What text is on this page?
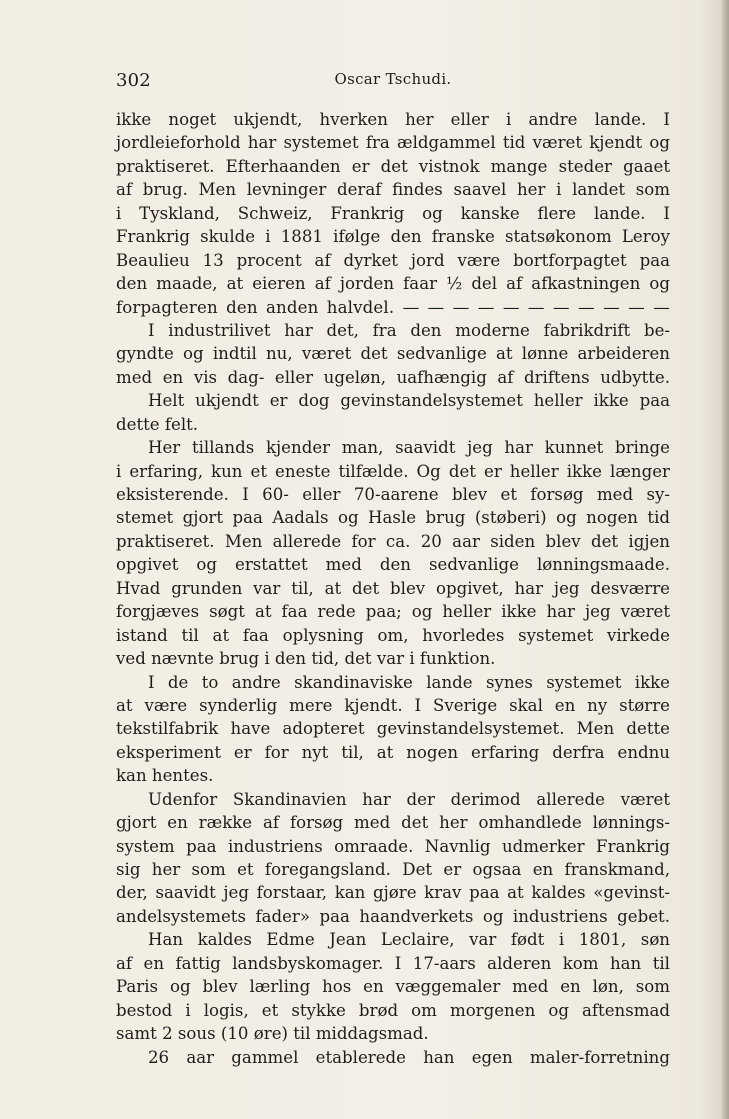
302	Oscar Tschudi.
ikke noget ukjendt, hverken her eller i andre lande. I
jordleieforhold har systemet fra ældgammel tid været kjendt og
praktiseret. Efterhaanden er det vistnok mange steder gaaet
af brug. Men levninger deraf findes saavel her i landet som
i Tyskland, Schweiz, Frankrig og kanske flere lande. I
Frankrig skulde i 1881 ifølge den franske statsøkonom Leroy
Beaulieu 13 procent af dyrket jord være bortforpagtet paa
den maade, at eieren af jorden faar ½ del af afkastningen og
forpagteren den anden halvdel. — — — — — — — — — — —
I industrilivet har det, fra den moderne fabrikdrift be-
gyndte og indtil nu, været det sedvanlige at lønne arbeideren
med en vis dag- eller ugeløn, uafhængig af driftens udbytte.
Helt ukjendt er dog gevinstandelsystemet heller ikke paa
dette felt.
Her tillands kjender man, saavidt jeg har kunnet bringe
i erfaring, kun et eneste tilfælde. Og det er heller ikke længer
eksisterende. I 60- eller 70-aarene blev et forsøg med sy-
stemet gjort paa Aadals og Hasle brug (støberi) og nogen tid
praktiseret. Men allerede for ca. 20 aar siden blev det igjen
opgivet og erstattet med den sedvanlige lønningsmaade.
Hvad grunden var til, at det blev opgivet, har jeg desværre
forgjæves søgt at faa rede paa; og heller ikke har jeg været
istand til at faa oplysning om, hvorledes systemet virkede
ved nævnte brug i den tid, det var i funktion.
I de to andre skandinaviske lande synes systemet ikke
at være synderlig mere kjendt. I Sverige skal en ny større
tekstilfabrik have adopteret gevinstandelsystemet. Men dette
eksperiment er for nyt til, at nogen erfaring derfra endnu
kan hentes.
Udenfor Skandinavien har der derimod allerede været
gjort en række af forsøg med det her omhandlede lønnings-
system paa industriens omraade. Navnlig udmerker Frankrig
sig her som et foregangsland. Det er ogsaa en franskmand,
der, saavidt jeg forstaar, kan gjøre krav paa at kaldes «gevinst-
andelsystemets fader» paa haandverkets og industriens gebet.
Han kaldes Edme Jean Leclaire, var født i 1801, søn
af en fattig landsbyskomager. I 17-aars alderen kom han til
Paris og blev lærling hos en væggemaler med en løn, som
bestod i logis, et stykke brød om morgenen og aftensmad
samt 2 sous (10 øre) til middagsmad.
26 aar gammel etablerede han egen maler-forretning
